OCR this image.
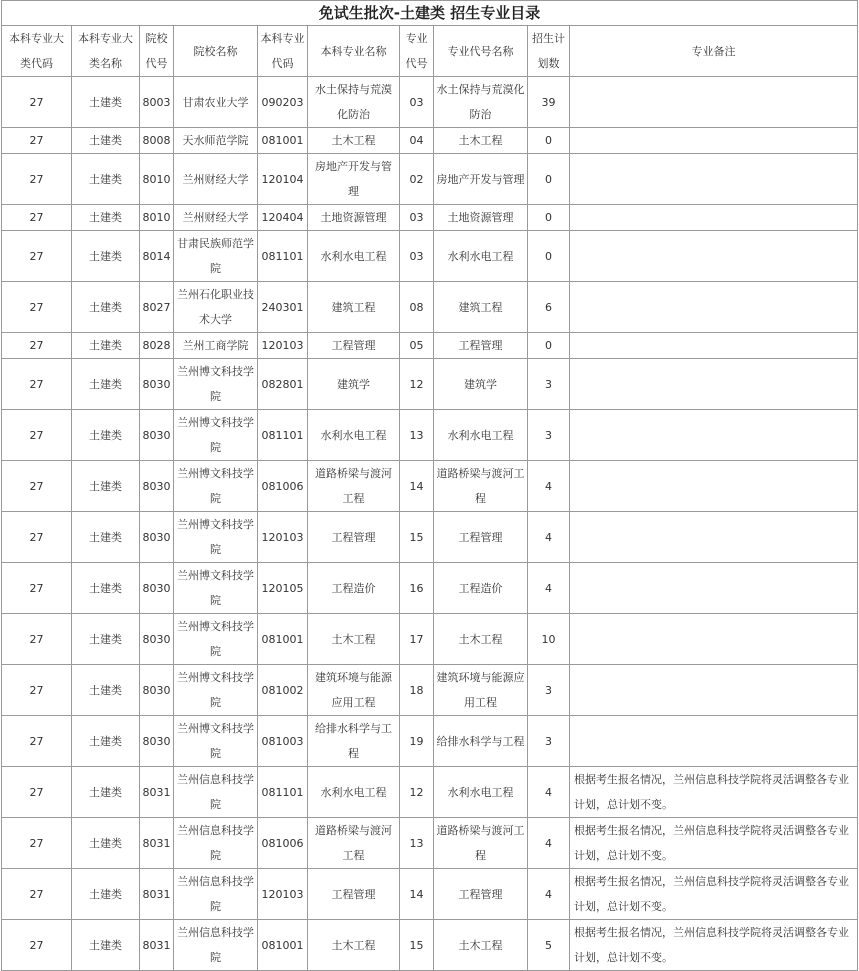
免试生批次-土建类 招生专业目录									
本科专业大类代码	本科专业大类名称	院校代号	院校名称	本科专业代码	本科专业名称	专业代号	专业代号名称	招生计划数	专业备注
27	土建类	8003	甘肃农业大学	090203	水土保持与荒漠化防治	03	水土保持与荒漠化防治	39	
27	土建类	8008	天水师范学院	081001	土木工程	04	土木工程	0	
27	土建类	8010	兰州财经大学	120104	房地产开发与管理	02	房地产开发与管理	0	
27	土建类	8010	兰州财经大学	120404	土地资源管理	03	土地资源管理	0	
27	土建类	8014	甘肃民族师范学院	081101	水利水电工程	03	水利水电工程	0	
27	土建类	8027	兰州石化职业技术大学	240301	建筑工程	08	建筑工程	6	
27	土建类	8028	兰州工商学院	120103	工程管理	05	工程管理	0	
27	土建类	8030	兰州博文科技学院	082801	建筑学	12	建筑学	3	
27	土建类	8030	兰州博文科技学院	081101	水利水电工程	13	水利水电工程	3	
27	土建类	8030	兰州博文科技学院	081006	道路桥梁与渡河工程	14	道路桥梁与渡河工程	4	
27	土建类	8030	兰州博文科技学院	120103	工程管理	15	工程管理	4	
27	土建类	8030	兰州博文科技学院	120105	工程造价	16	工程造价	4	
27	土建类	8030	兰州博文科技学院	081001	土木工程	17	土木工程	10	
27	土建类	8030	兰州博文科技学院	081002	建筑环境与能源应用工程	18	建筑环境与能源应用工程	3	
27	土建类	8030	兰州博文科技学院	081003	给排水科学与工程	19	给排水科学与工程	3	
27	土建类	8031	兰州信息科技学院	081101	水利水电工程	12	水利水电工程	4	根据考生报名情况，兰州信息科技学院将灵活调整各专业计划，总计划不变。
27	土建类	8031	兰州信息科技学院	081006	道路桥梁与渡河工程	13	道路桥梁与渡河工程	4	根据考生报名情况，兰州信息科技学院将灵活调整各专业计划，总计划不变。
27	土建类	8031	兰州信息科技学院	120103	工程管理	14	工程管理	4	根据考生报名情况，兰州信息科技学院将灵活调整各专业计划，总计划不变。
27	土建类	8031	兰州信息科技学院	081001	土木工程	15	土木工程	5	根据考生报名情况，兰州信息科技学院将灵活调整各专业计划，总计划不变。
